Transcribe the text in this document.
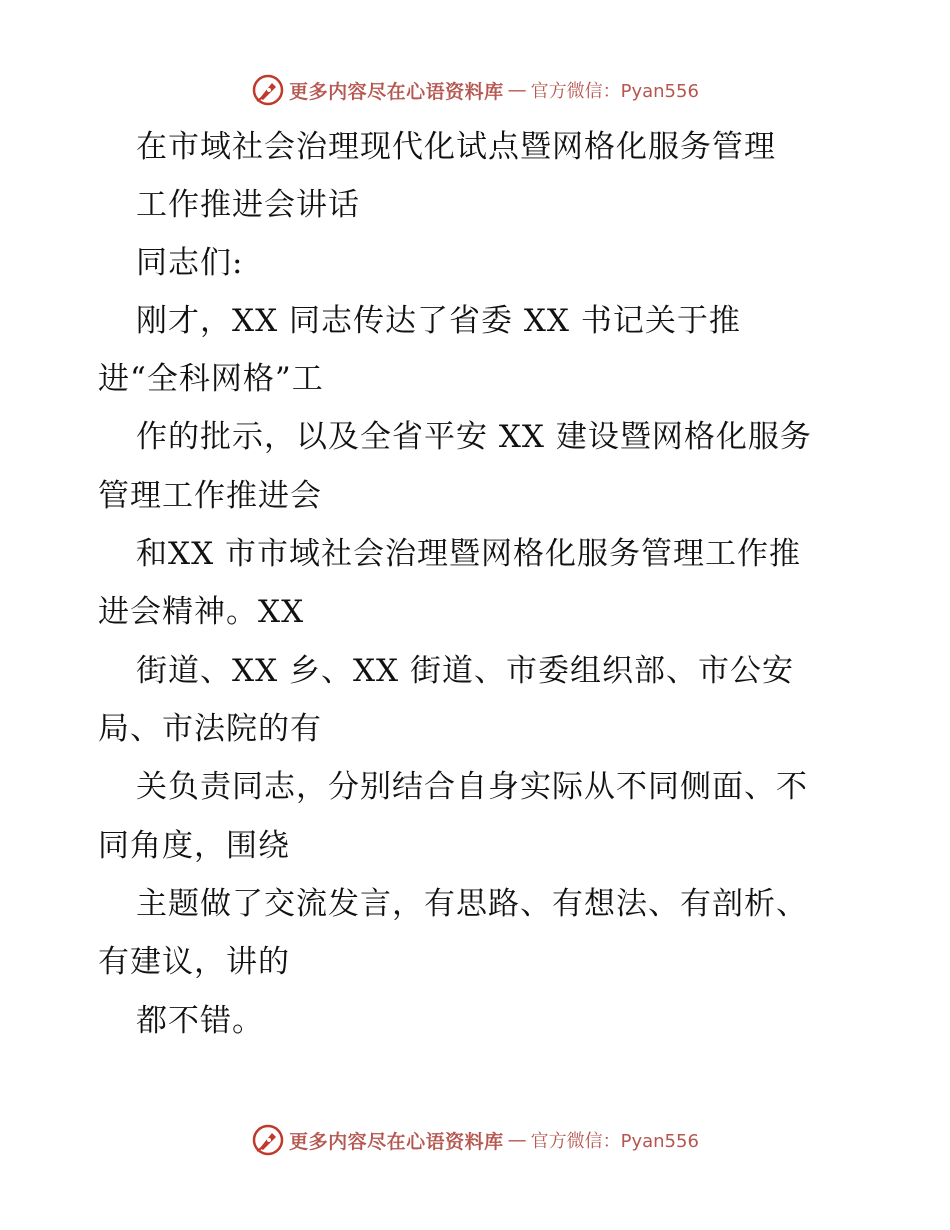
更多内容尽在心语资料库 — 官方微信：Pyan556
在市域社会治理现代化试点暨网格化服务管理
工作推进会讲话
同志们:
刚才，XX 同志传达了省委 XX 书记关于推
进“全科网格”工
作的批示，以及全省平安 XX 建设暨网格化服务
管理工作推进会
和XX 市市域社会治理暨网格化服务管理工作推
进会精神。XX
街道、XX 乡、XX 街道、市委组织部、市公安
局、市法院的有
关负责同志，分别结合自身实际从不同侧面、不
同角度，围绕
主题做了交流发言，有思路、有想法、有剖析、
有建议，讲的
都不错。
更多内容尽在心语资料库 — 官方微信：Pyan556
